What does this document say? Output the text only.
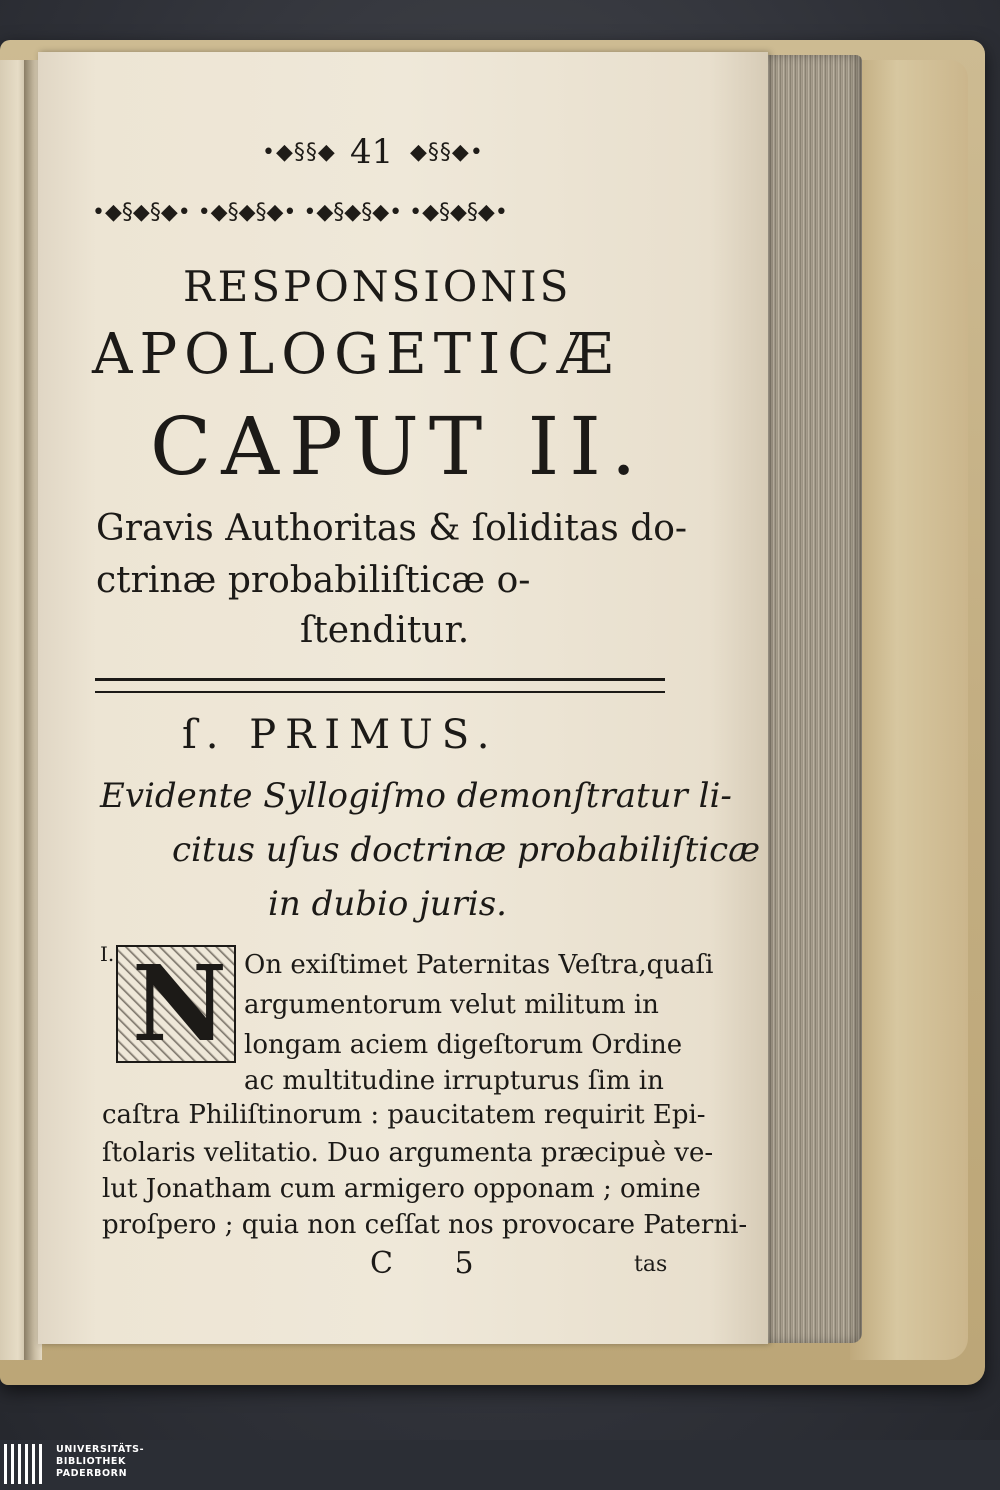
•◆§§◆ 41 ◆§§◆•
•◆§◆§◆• •◆§◆§◆• •◆§◆§◆• •◆§◆§◆•
RESPONSIONIS
APOLOGETICÆ
CAPUT II.
Gravis Authoritas & ſoliditas do-
ctrinæ probabiliſticæ o-
ſtenditur.
ſ. PRIMUS.
Evidente Syllogiſmo demonſtratur li-
citus uſus doctrinæ probabiliſticæ
in dubio juris.
I. N On exiſtimet Paternitas Veſtra,quaſi
argumentorum velut militum in
longam aciem digeſtorum Ordine
ac multitudine irrupturus ſim in
caſtra Philiſtinorum : paucitatem requirit Epi-
ſtolaris velitatio. Duo argumenta præcipuè ve-
lut Jonatham cum armigero opponam ; omine
proſpero ; quia non ceſſat nos provocare Paterni-
C 5	tas
UNIVERSITÄTS-
BIBLIOTHEK
PADERBORN
